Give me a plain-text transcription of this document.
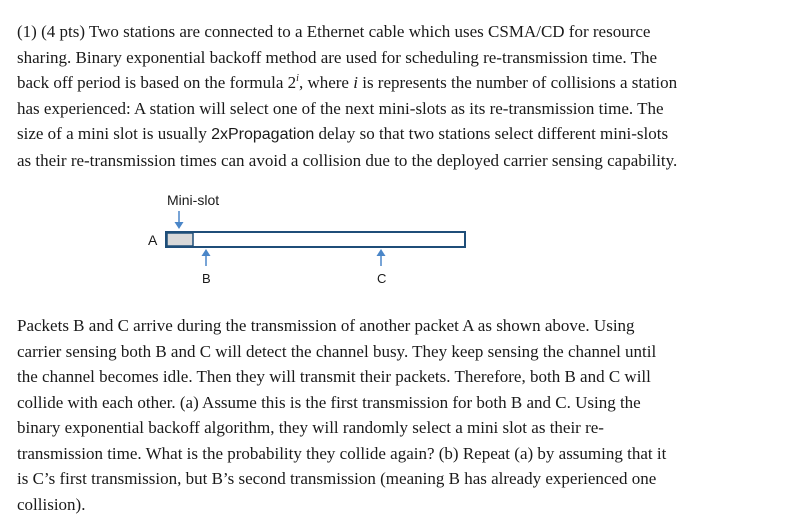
(1) (4 pts) Two stations are connected to a Ethernet cable which uses CSMA/CD for resource
sharing. Binary exponential backoff method are used for scheduling re-transmission time. The
back off period is based on the formula 2$^i$, where i is represents the number of collisions a station
has experienced: A station will select one of the next mini-slots as its re-transmission time. The
size of a mini slot is usually 2xPropagation delay so that two stations select different mini-slots
as their re-transmission times can avoid a collision due to the deployed carrier sensing capability.
Mini-slot
A
B	C
Packets B and C arrive during the transmission of another packet A as shown above. Using
carrier sensing both B and C will detect the channel busy. They keep sensing the channel until
the channel becomes idle. Then they will transmit their packets. Therefore, both B and C will
collide with each other. (a) Assume this is the first transmission for both B and C. Using the
binary exponential backoff algorithm, they will randomly select a mini slot as their re-
transmission time. What is the probability they collide again? (b) Repeat (a) by assuming that it
is C’s first transmission, but B’s second transmission (meaning B has already experienced one
collision).
